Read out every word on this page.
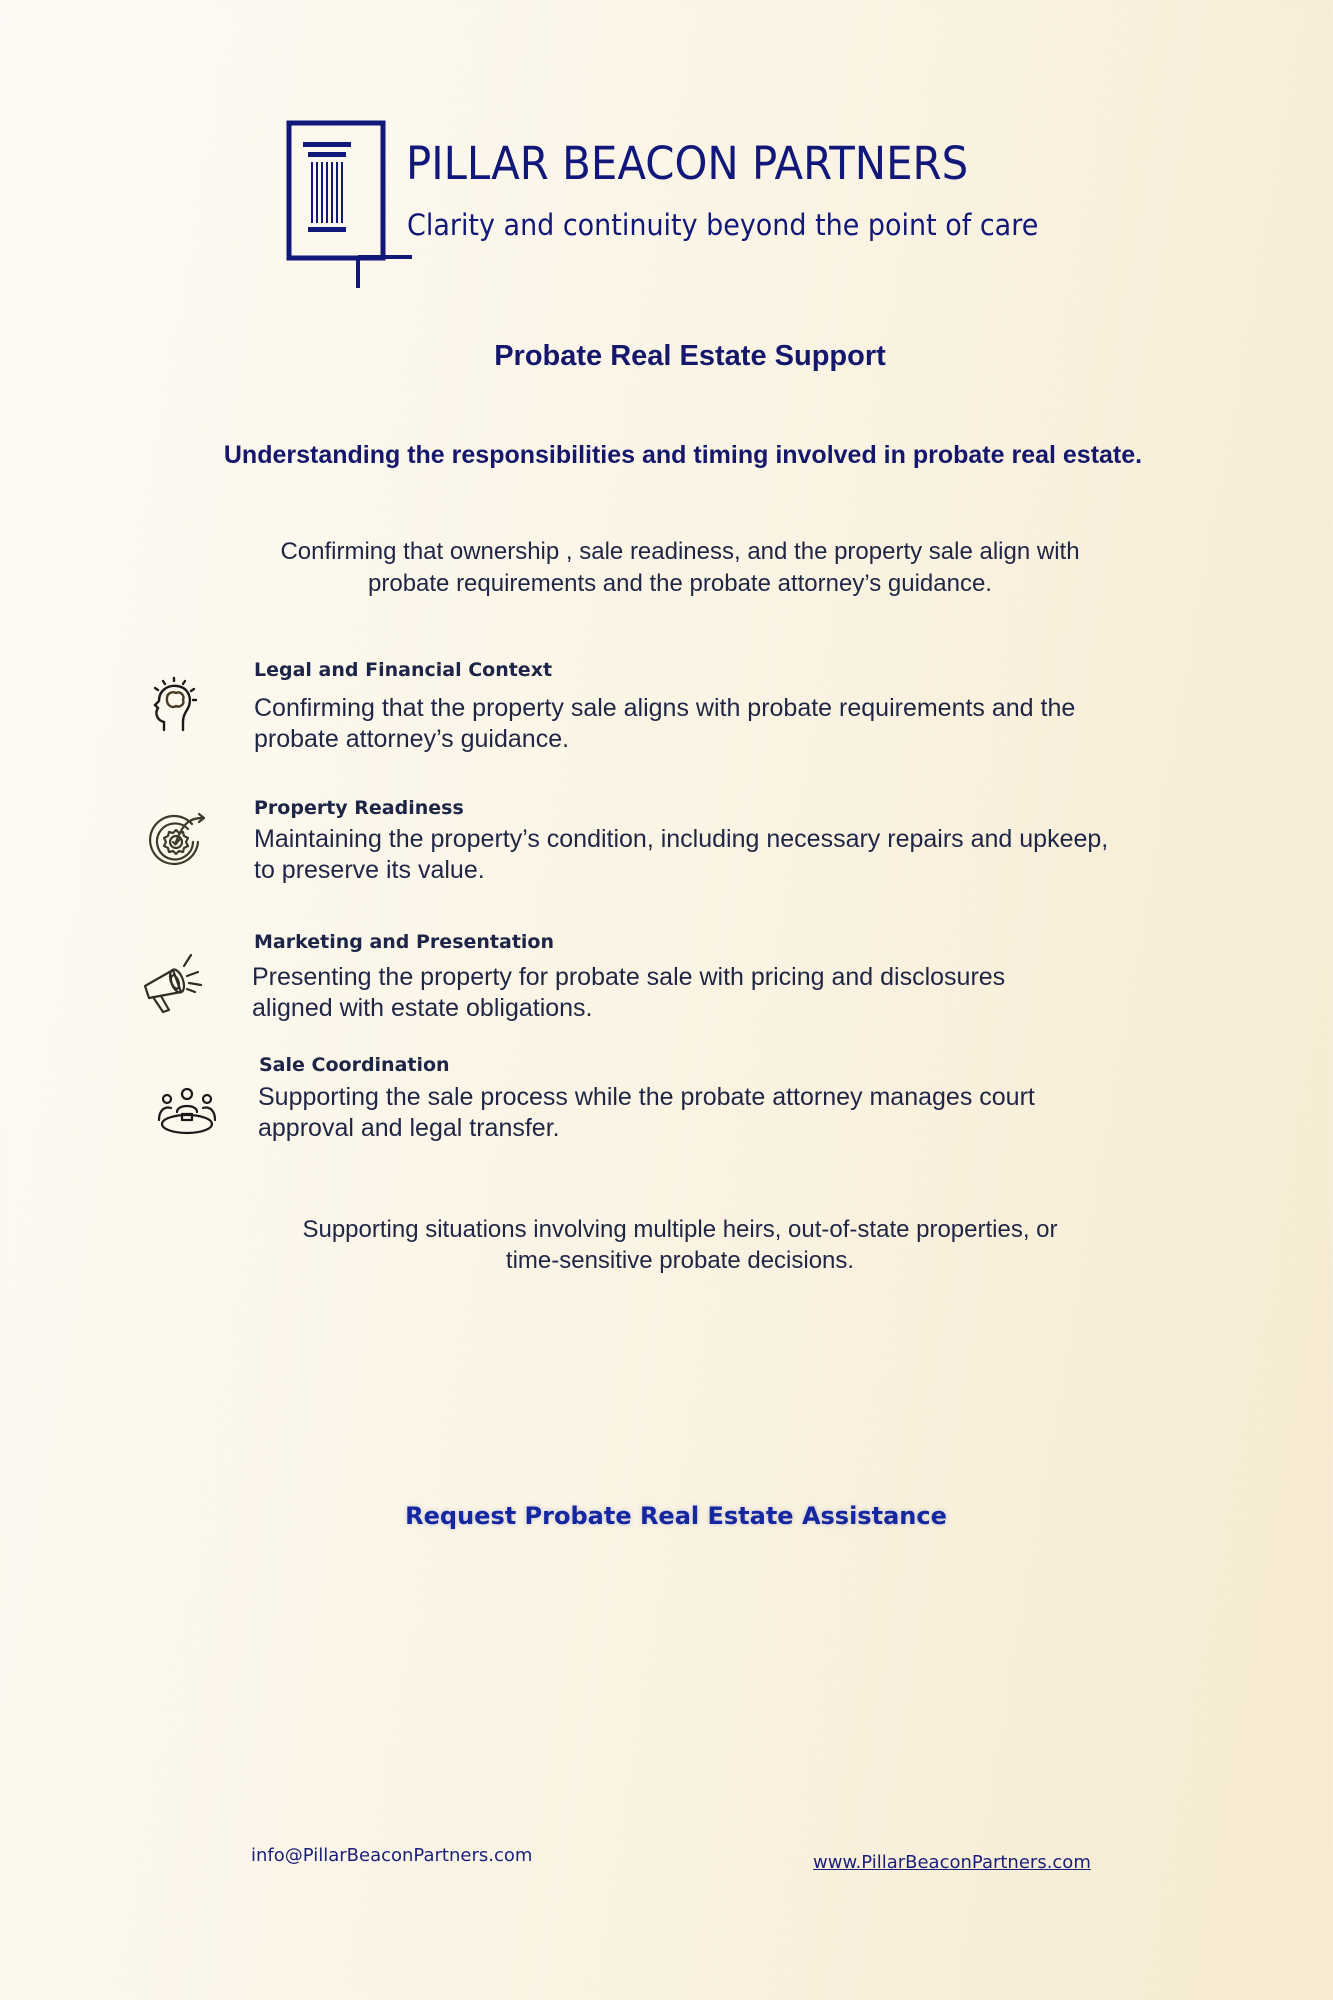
PILLAR BEACON PARTNERS
Clarity and continuity beyond the point of care
Probate Real Estate Support
Understanding the responsibilities and timing involved in probate real estate.
Confirming that ownership , sale readiness, and the property sale align with
probate requirements and the probate attorney’s guidance.
Legal and Financial Context
Confirming that the property sale aligns with probate requirements and the
probate attorney’s guidance.
Property Readiness
Maintaining the property’s condition, including necessary repairs and upkeep,
to preserve its value.
Marketing and Presentation
Presenting the property for probate sale with pricing and disclosures
aligned with estate obligations.
Sale Coordination
Supporting the sale process while the probate attorney manages court
approval and legal transfer.
Supporting situations involving multiple heirs, out-of-state properties, or
time-sensitive probate decisions.
Request Probate Real Estate Assistance
info@PillarBeaconPartners.com	www.PillarBeaconPartners.com
